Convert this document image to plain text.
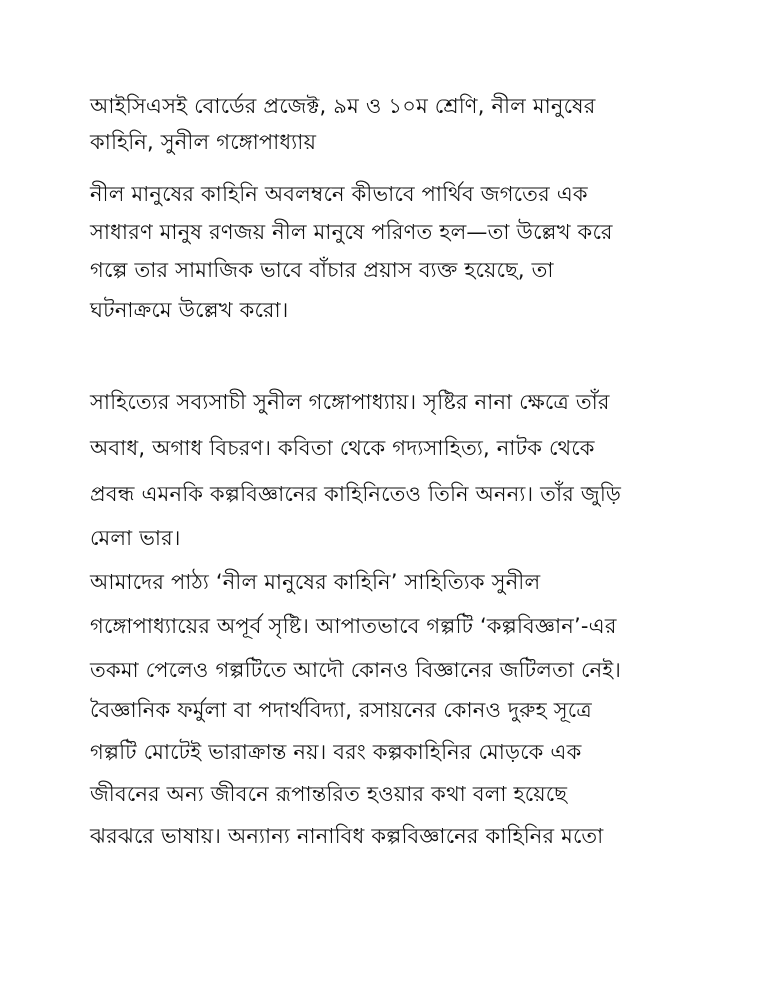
আইসিএসই বোর্ডের প্রজেক্ট, ৯ম ও ১০ম শ্রেণি, নীল মানুষের
কাহিনি, সুনীল গঙ্গোপাধ্যায়
নীল মানুষের কাহিনি অবলম্বনে কীভাবে পার্থিব জগতের এক
সাধারণ মানুষ রণজয় নীল মানুষে পরিণত হল—তা উল্লেখ করে
গল্পে তার সামাজিক ভাবে বাঁচার প্রয়াস ব্যক্ত হয়েছে, তা
ঘটনাক্রমে উল্লেখ করো।
সাহিত্যের সব্যসাচী সুনীল গঙ্গোপাধ্যায়। সৃষ্টির নানা ক্ষেত্রে তাঁর
অবাধ, অগাধ বিচরণ। কবিতা থেকে গদ্যসাহিত্য, নাটক থেকে
প্রবন্ধ এমনকি কল্পবিজ্ঞানের কাহিনিতেও তিনি অনন্য। তাঁর জুড়ি
মেলা ভার।
আমাদের পাঠ্য ‘নীল মানুষের কাহিনি’ সাহিত্যিক সুনীল
গঙ্গোপাধ্যায়ের অপূর্ব সৃষ্টি। আপাতভাবে গল্পটি ‘কল্পবিজ্ঞান’-এর
তকমা পেলেও গল্পটিতে আদৌ কোনও বিজ্ঞানের জটিলতা নেই।
বৈজ্ঞানিক ফর্মুলা বা পদার্থবিদ্যা, রসায়নের কোনও দুরুহ সূত্রে
গল্পটি মোটেই ভারাক্রান্ত নয়। বরং কল্পকাহিনির মোড়কে এক
জীবনের অন্য জীবনে রূপান্তরিত হওয়ার কথা বলা হয়েছে
ঝরঝরে ভাষায়। অন্যান্য নানাবিধ কল্পবিজ্ঞানের কাহিনির মতো
